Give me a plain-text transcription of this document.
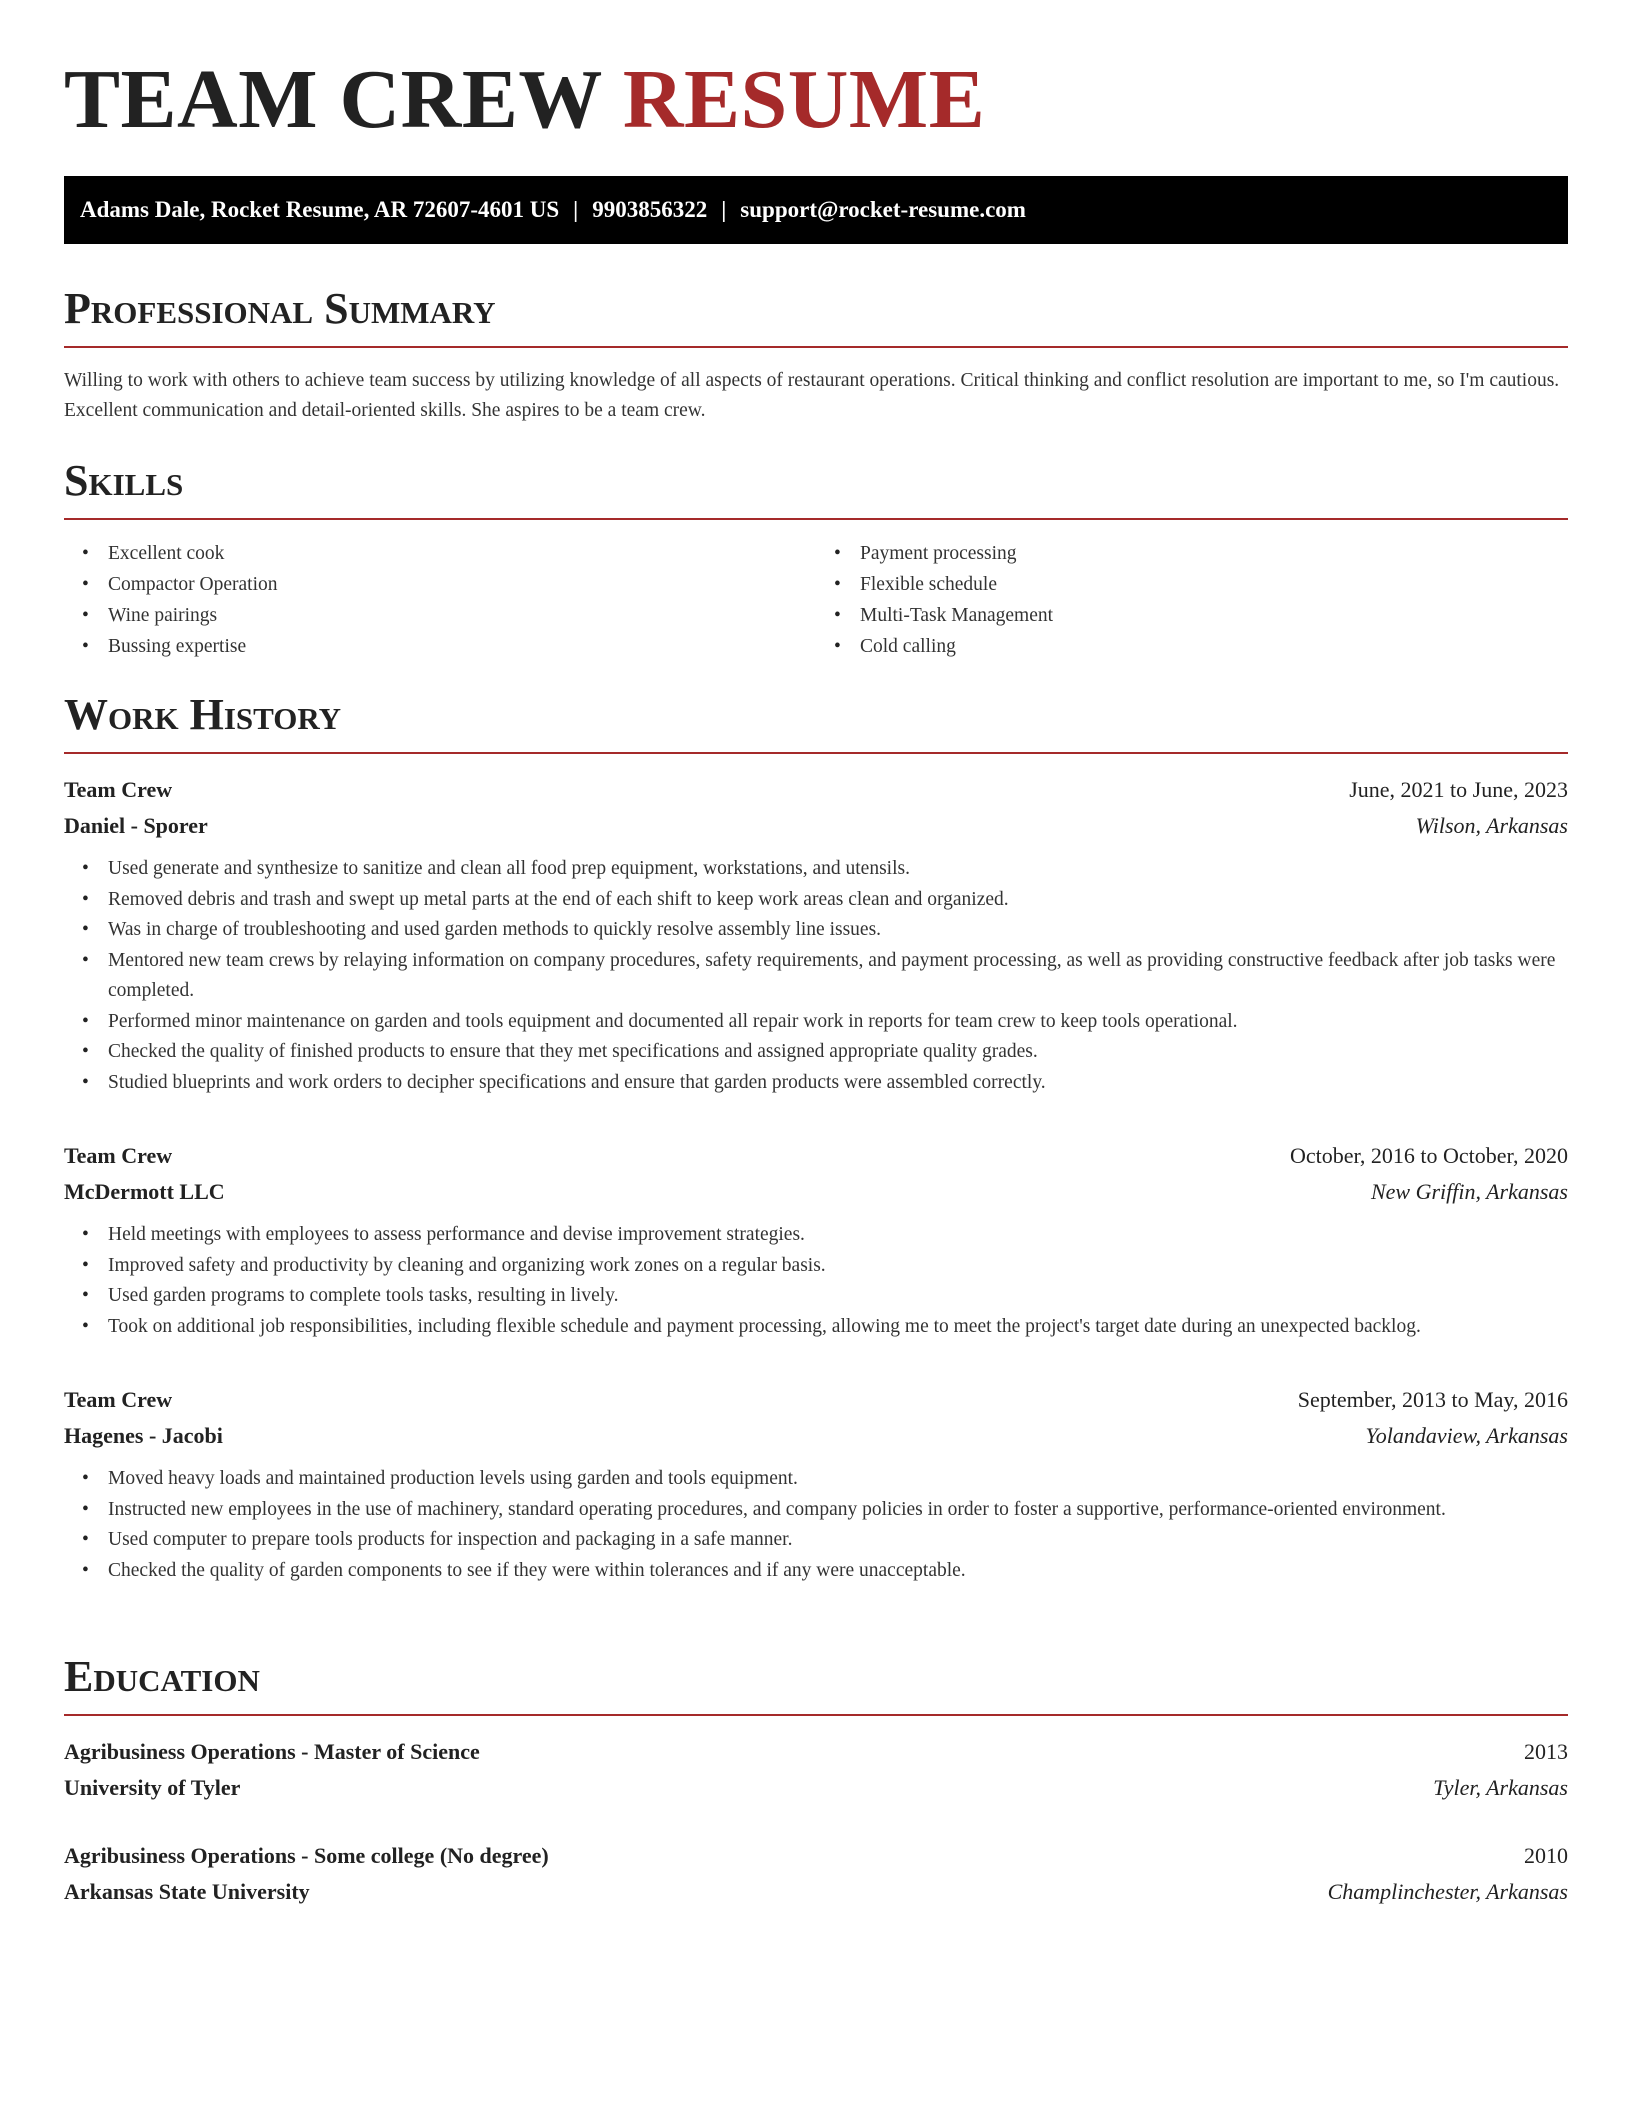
TEAM CREW RESUME
Adams Dale, Rocket Resume, AR 72607-4601 US | 9903856322 | support@rocket-resume.com
Professional Summary

Willing to work with others to achieve team success by utilizing knowledge of all aspects of restaurant operations. Critical thinking and conflict resolution are important to me, so I'm cautious. Excellent communication and detail-oriented skills. She aspires to be a team crew.

Skills
• Excellent cook
• Compactor Operation
• Wine pairings
• Bussing expertise
• Payment processing
• Flexible schedule
• Multi-Task Management
• Cold calling
Work History
Team Crew	June, 2021 to June, 2023
Daniel - Sporer	Wilson, Arkansas
• Used generate and synthesize to sanitize and clean all food prep equipment, workstations, and utensils.
• Removed debris and trash and swept up metal parts at the end of each shift to keep work areas clean and organized.
• Was in charge of troubleshooting and used garden methods to quickly resolve assembly line issues.
• Mentored new team crews by relaying information on company procedures, safety requirements, and payment processing, as well as providing constructive feedback after job tasks were completed.
• Performed minor maintenance on garden and tools equipment and documented all repair work in reports for team crew to keep tools operational.
• Checked the quality of finished products to ensure that they met specifications and assigned appropriate quality grades.
• Studied blueprints and work orders to decipher specifications and ensure that garden products were assembled correctly.
Team Crew	October, 2016 to October, 2020
McDermott LLC	New Griffin, Arkansas
• Held meetings with employees to assess performance and devise improvement strategies.
• Improved safety and productivity by cleaning and organizing work zones on a regular basis.
• Used garden programs to complete tools tasks, resulting in lively.
• Took on additional job responsibilities, including flexible schedule and payment processing, allowing me to meet the project's target date during an unexpected backlog.
Team Crew	September, 2013 to May, 2016
Hagenes - Jacobi	Yolandaview, Arkansas
• Moved heavy loads and maintained production levels using garden and tools equipment.
• Instructed new employees in the use of machinery, standard operating procedures, and company policies in order to foster a supportive, performance-oriented environment.
• Used computer to prepare tools products for inspection and packaging in a safe manner.
• Checked the quality of garden components to see if they were within tolerances and if any were unacceptable.
Education
Agribusiness Operations - Master of Science	2013
University of Tyler	Tyler, Arkansas
Agribusiness Operations - Some college (No degree)	2010
Arkansas State University	Champlinchester, Arkansas
